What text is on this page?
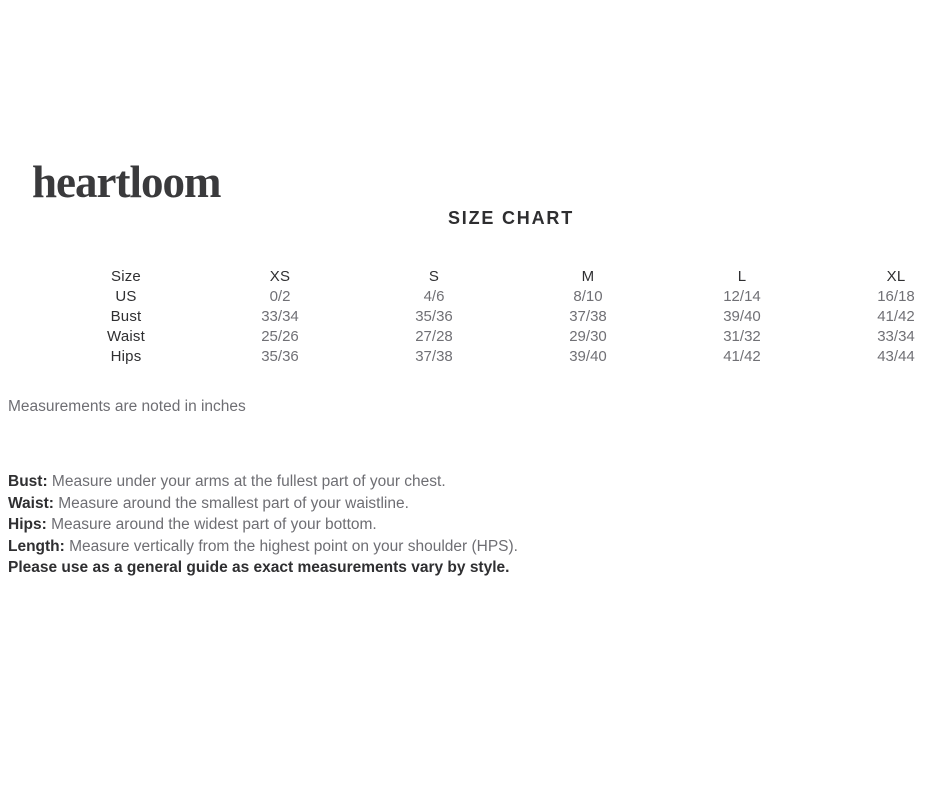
heartloom
SIZE CHART
Size	XS	S	M	L	XL
US	0/2	4/6	8/10	12/14	16/18
Bust	33/34	35/36	37/38	39/40	41/42
Waist	25/26	27/28	29/30	31/32	33/34
Hips	35/36	37/38	39/40	41/42	43/44

Measurements are noted in inches

Bust: Measure under your arms at the fullest part of your chest.

Waist: Measure around the smallest part of your waistline.

Hips: Measure around the widest part of your bottom.

Length: Measure vertically from the highest point on your shoulder (HPS).

Please use as a general guide as exact measurements vary by style.
